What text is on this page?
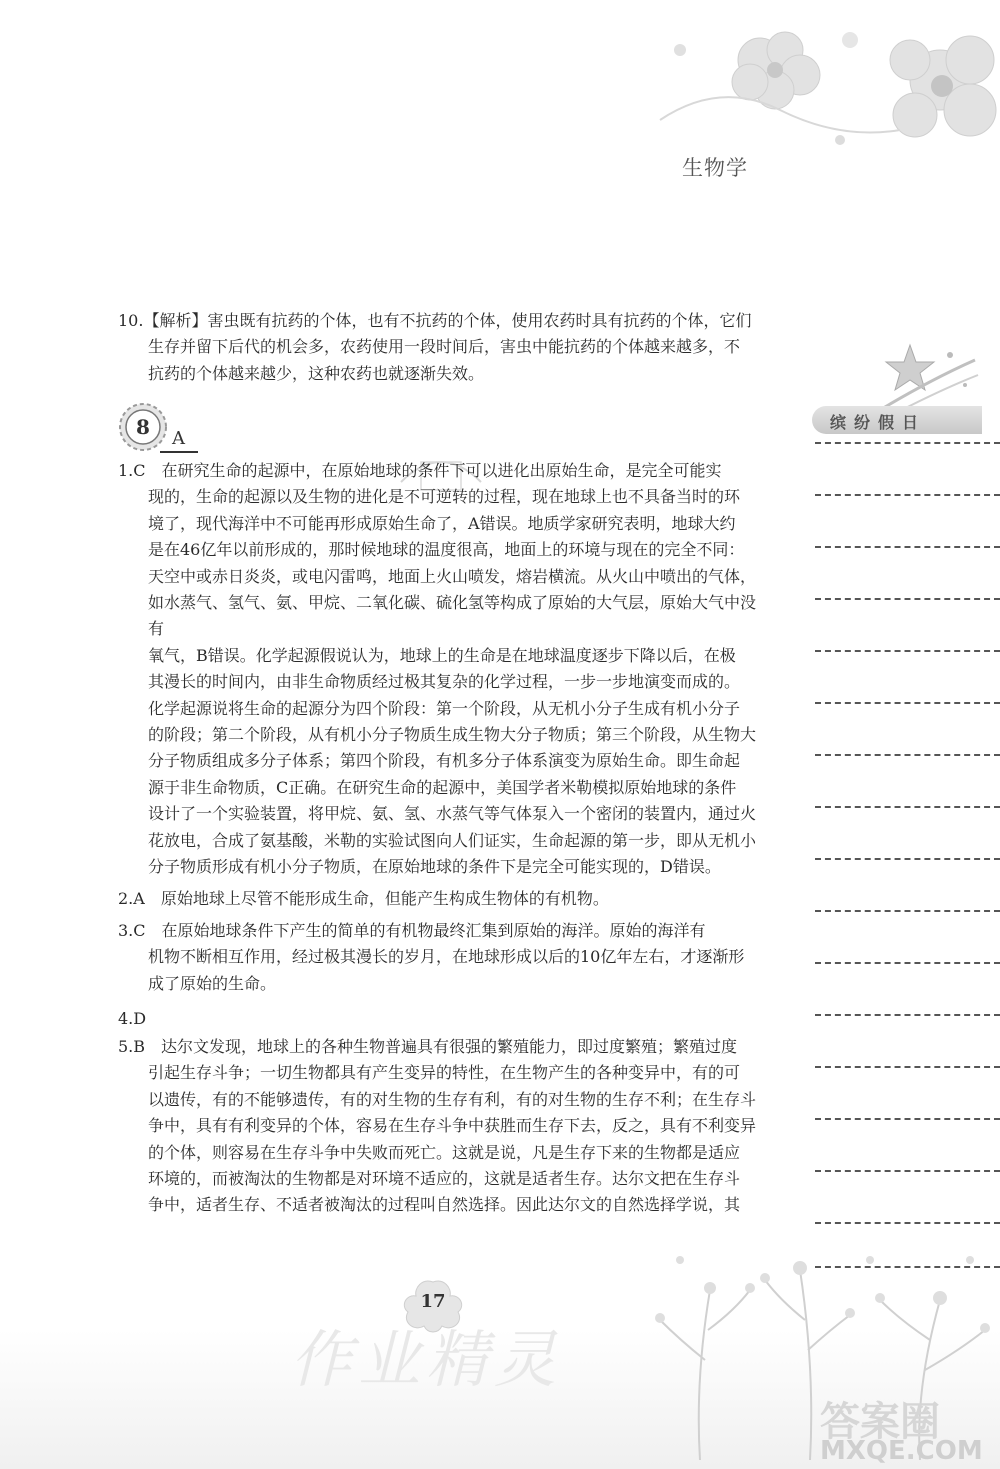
生物学
10.【解析】害虫既有抗药的个体，也有不抗药的个体，使用农药时具有抗药的个体，它们
生存并留下后代的机会多，农药使用一段时间后，害虫中能抗药的个体越来越多，不
抗药的个体越来越少，这种农药也就逐渐失效。
8 A
1.C　在研究生命的起源中，在原始地球的条件下可以进化出原始生命，是完全可能实
现的，生命的起源以及生物的进化是不可逆转的过程，现在地球上也不具备当时的环
境了，现代海洋中不可能再形成原始生命了，A错误。地质学家研究表明，地球大约
是在46亿年以前形成的，那时候地球的温度很高，地面上的环境与现在的完全不同：
天空中或赤日炎炎，或电闪雷鸣，地面上火山喷发，熔岩横流。从火山中喷出的气体，
如水蒸气、氢气、氨、甲烷、二氧化碳、硫化氢等构成了原始的大气层，原始大气中没有
氧气，B错误。化学起源假说认为，地球上的生命是在地球温度逐步下降以后，在极
其漫长的时间内，由非生命物质经过极其复杂的化学过程，一步一步地演变而成的。
化学起源说将生命的起源分为四个阶段：第一个阶段，从无机小分子生成有机小分子
的阶段；第二个阶段，从有机小分子物质生成生物大分子物质；第三个阶段，从生物大
分子物质组成多分子体系；第四个阶段，有机多分子体系演变为原始生命。即生命起
源于非生命物质，C正确。在研究生命的起源中，美国学者米勒模拟原始地球的条件
设计了一个实验装置，将甲烷、氨、氢、水蒸气等气体泵入一个密闭的装置内，通过火
花放电，合成了氨基酸，米勒的实验试图向人们证实，生命起源的第一步，即从无机小
分子物质形成有机小分子物质，在原始地球的条件下是完全可能实现的，D错误。
2.A　原始地球上尽管不能形成生命，但能产生构成生物体的有机物。
3.C　在原始地球条件下产生的简单的有机物最终汇集到原始的海洋。原始的海洋有
机物不断相互作用，经过极其漫长的岁月，在地球形成以后的10亿年左右，才逐渐形
成了原始的生命。
4.D
5.B　达尔文发现，地球上的各种生物普遍具有很强的繁殖能力，即过度繁殖；繁殖过度
引起生存斗争；一切生物都具有产生变异的特性，在生物产生的各种变异中，有的可
以遗传，有的不能够遗传，有的对生物的生存有利，有的对生物的生存不利；在生存斗
争中，具有有利变异的个体，容易在生存斗争中获胜而生存下去，反之，具有不利变异
的个体，则容易在生存斗争中失败而死亡。这就是说，凡是生存下来的生物都是适应
环境的，而被淘汰的生物都是对环境不适应的，这就是适者生存。达尔文把在生存斗
争中，适者生存、不适者被淘汰的过程叫自然选择。因此达尔文的自然选择学说，其
缤纷假日
17
作业精灵
答案圈
MXQE.COM
